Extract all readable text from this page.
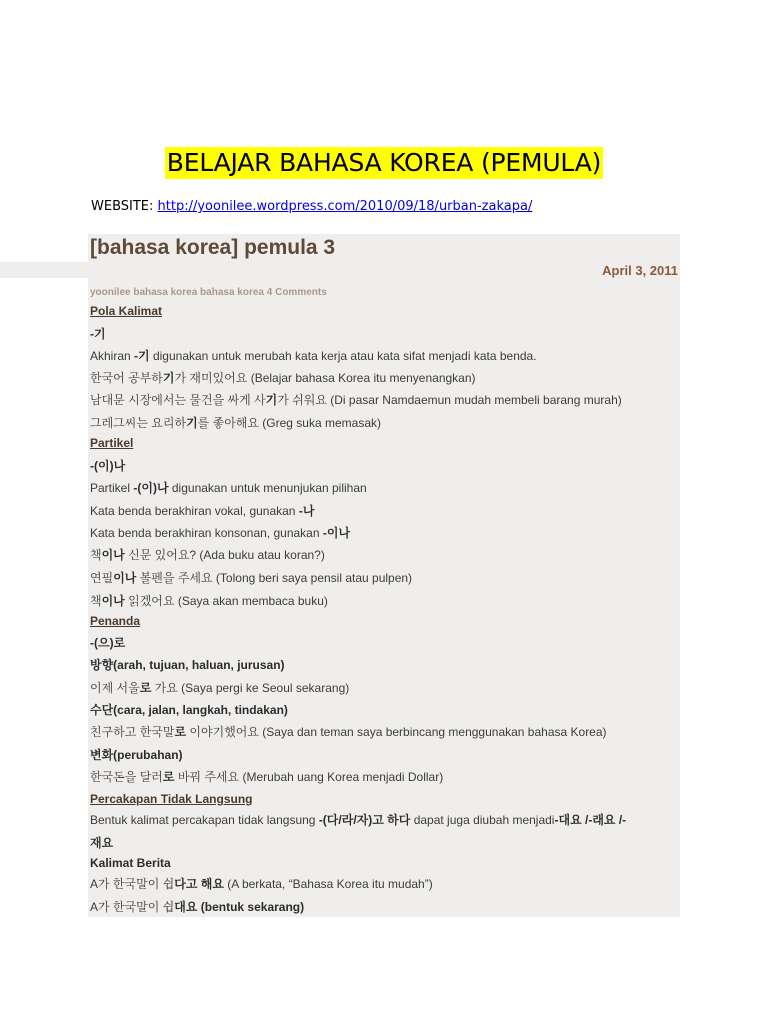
BELAJAR BAHASA KOREA (PEMULA)
WEBSITE: http://yoonilee.wordpress.com/2010/09/18/urban-zakapa/
[bahasa korea] pemula 3
April 3, 2011
yoonilee bahasa korea bahasa korea 4 Comments
Pola Kalimat
-기
Akhiran -기 digunakan untuk merubah kata kerja atau kata sifat menjadi kata benda.
한국어 공부하기가 재미있어요 (Belajar bahasa Korea itu menyenangkan)
남대문 시장에서는 물건을 싸게 사기가 쉬워요 (Di pasar Namdaemun mudah membeli barang murah)
그레그씨는 요리하기를 좋아해요 (Greg suka memasak)
Partikel
-(이)나
Partikel -(이)나 digunakan untuk menunjukan pilihan
Kata benda berakhiran vokal, gunakan -나
Kata benda berakhiran konsonan, gunakan -이나
책이나 신문 있어요? (Ada buku atau koran?)
연필이나 볼펜을 주세요 (Tolong beri saya pensil atau pulpen)
책이나 읽겠어요 (Saya akan membaca buku)
Penanda
-(으)로
방향(arah, tujuan, haluan, jurusan)
이제 서울로 가요 (Saya pergi ke Seoul sekarang)
수단(cara, jalan, langkah, tindakan)
친구하고 한국말로 이야기했어요 (Saya dan teman saya berbincang menggunakan bahasa Korea)
변화(perubahan)
한국돈을 달러로 바꿔 주세요 (Merubah uang Korea menjadi Dollar)
Percakapan Tidak Langsung
Bentuk kalimat percakapan tidak langsung -(다/라/자)고 하다 dapat juga diubah menjadi-대요 /-래요 /-
재요
Kalimat Berita
A가 한국말이 쉽다고 해요 (A berkata, “Bahasa Korea itu mudah”)
A가 한국말이 쉽대요 (bentuk sekarang)
